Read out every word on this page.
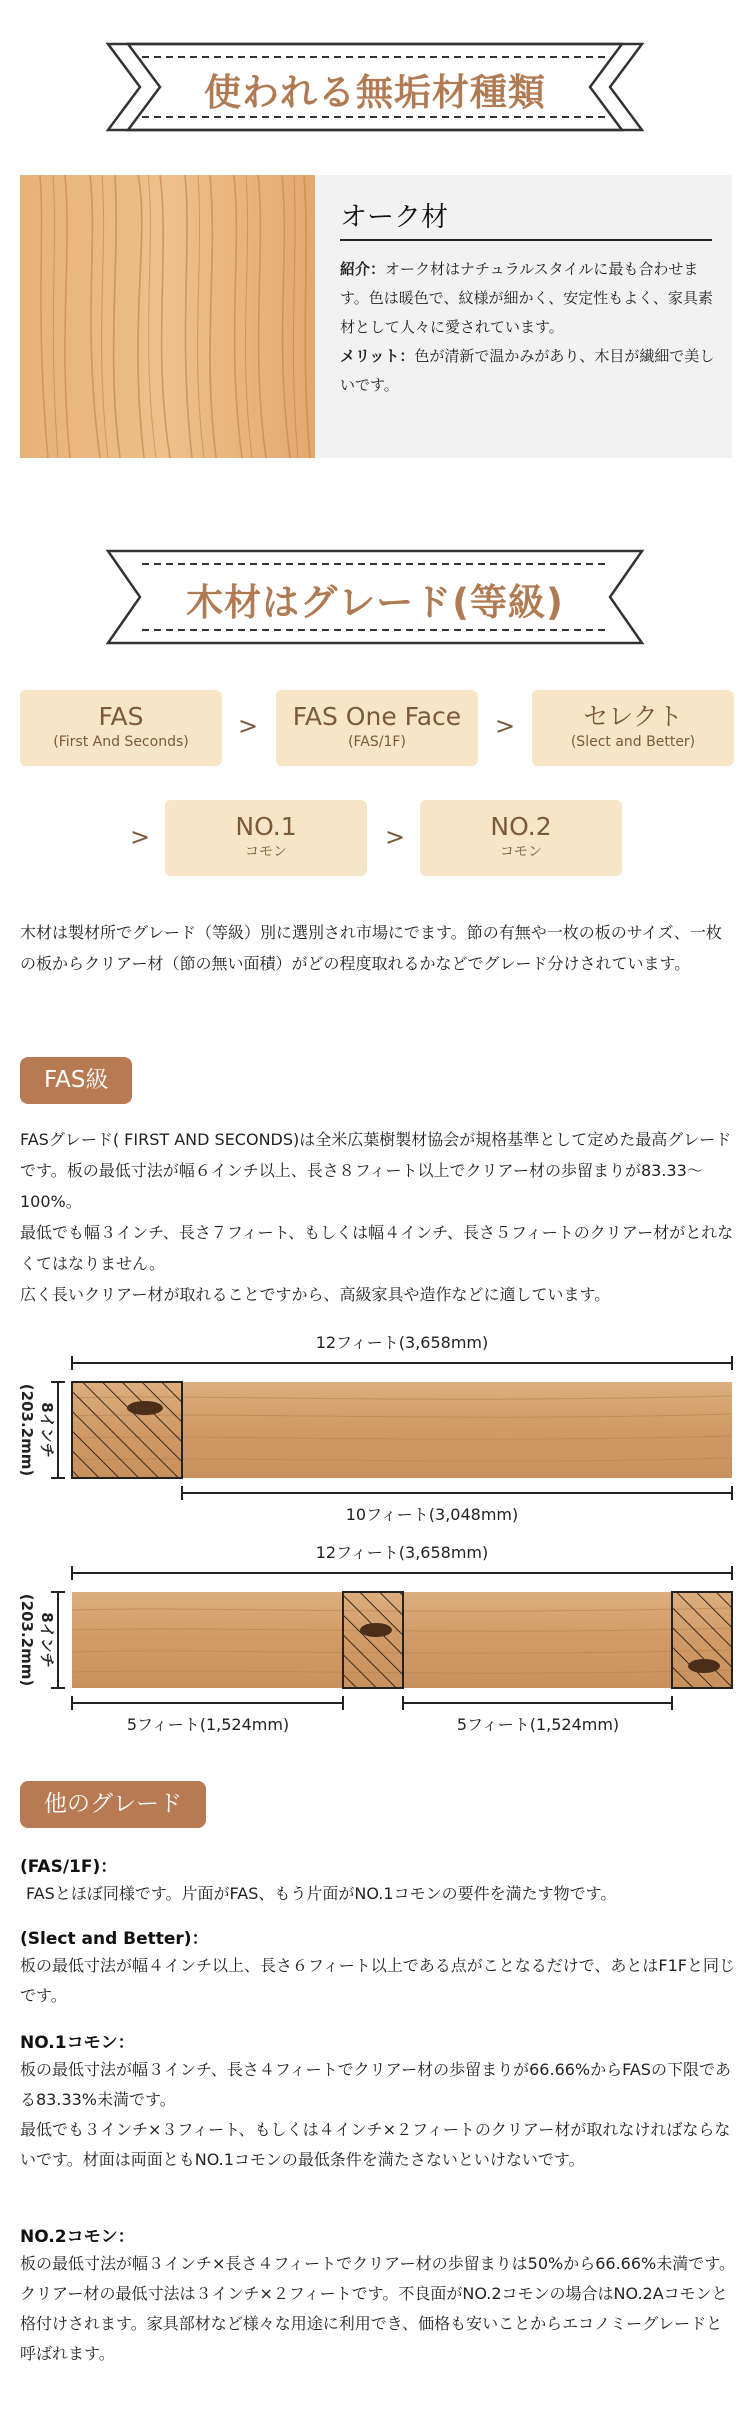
使われる無垢材種類
オーク材
紹介：オーク材はナチュラルスタイルに最も合わせます。色は暖色で、紋様が細かく、安定性もよく、家具素材として人々に愛されています。
メリット：色が清新で温かみがあり、木目が繊細で美しいです。
木材はグレード(等級)
FAS
(First And Seconds)
>	FAS One Face
(FAS/1F)
>	セレクト
(Slect and Better)
>	NO.1
コモン
>	NO.2
コモン
木材は製材所でグレード（等級）別に選別され市場にでます。節の有無や一枚の板のサイズ、一枚の板からクリアー材（節の無い面積）がどの程度取れるかなどでグレード分けされています。
FAS級
FASグレード( FIRST AND SECONDS)は全米広葉樹製材協会が規格基準として定めた最高グレードです。板の最低寸法が幅６インチ以上、長さ８フィート以上でクリアー材の歩留まりが83.33～100%。
最低でも幅３インチ、長さ７フィート、もしくは幅４インチ、長さ５フィートのクリアー材がとれなくてはなりません。
広く長いクリアー材が取れることですから、高級家具や造作などに適しています。
12フィート(3,658mm)
8インチ
(203.2mm)
10フィート(3,048mm)
12フィート(3,658mm)
8インチ
(203.2mm)
5フィート(1,524mm)	5フィート(1,524mm)
他のグレード
(FAS/1F)：
FASとほぼ同様です。片面がFAS、もう片面がNO.1コモンの要件を満たす物です。
(Slect and Better)：
板の最低寸法が幅４インチ以上、長さ６フィート以上である点がことなるだけで、あとはF1Fと同じです。
NO.1コモン：
板の最低寸法が幅３インチ、長さ４フィートでクリアー材の歩留まりが66.66%からFASの下限である83.33%未満です。
最低でも３インチ×３フィート、もしくは４インチ×２フィートのクリアー材が取れなければならないです。材面は両面ともNO.1コモンの最低条件を満たさないといけないです。
NO.2コモン：
板の最低寸法が幅３インチ×長さ４フィートでクリアー材の歩留まりは50%から66.66%未満です。クリアー材の最低寸法は３インチ×２フィートです。不良面がNO.2コモンの場合はNO.2Aコモンと格付けされます。家具部材など様々な用途に利用でき、価格も安いことからエコノミーグレードと呼ばれます。
